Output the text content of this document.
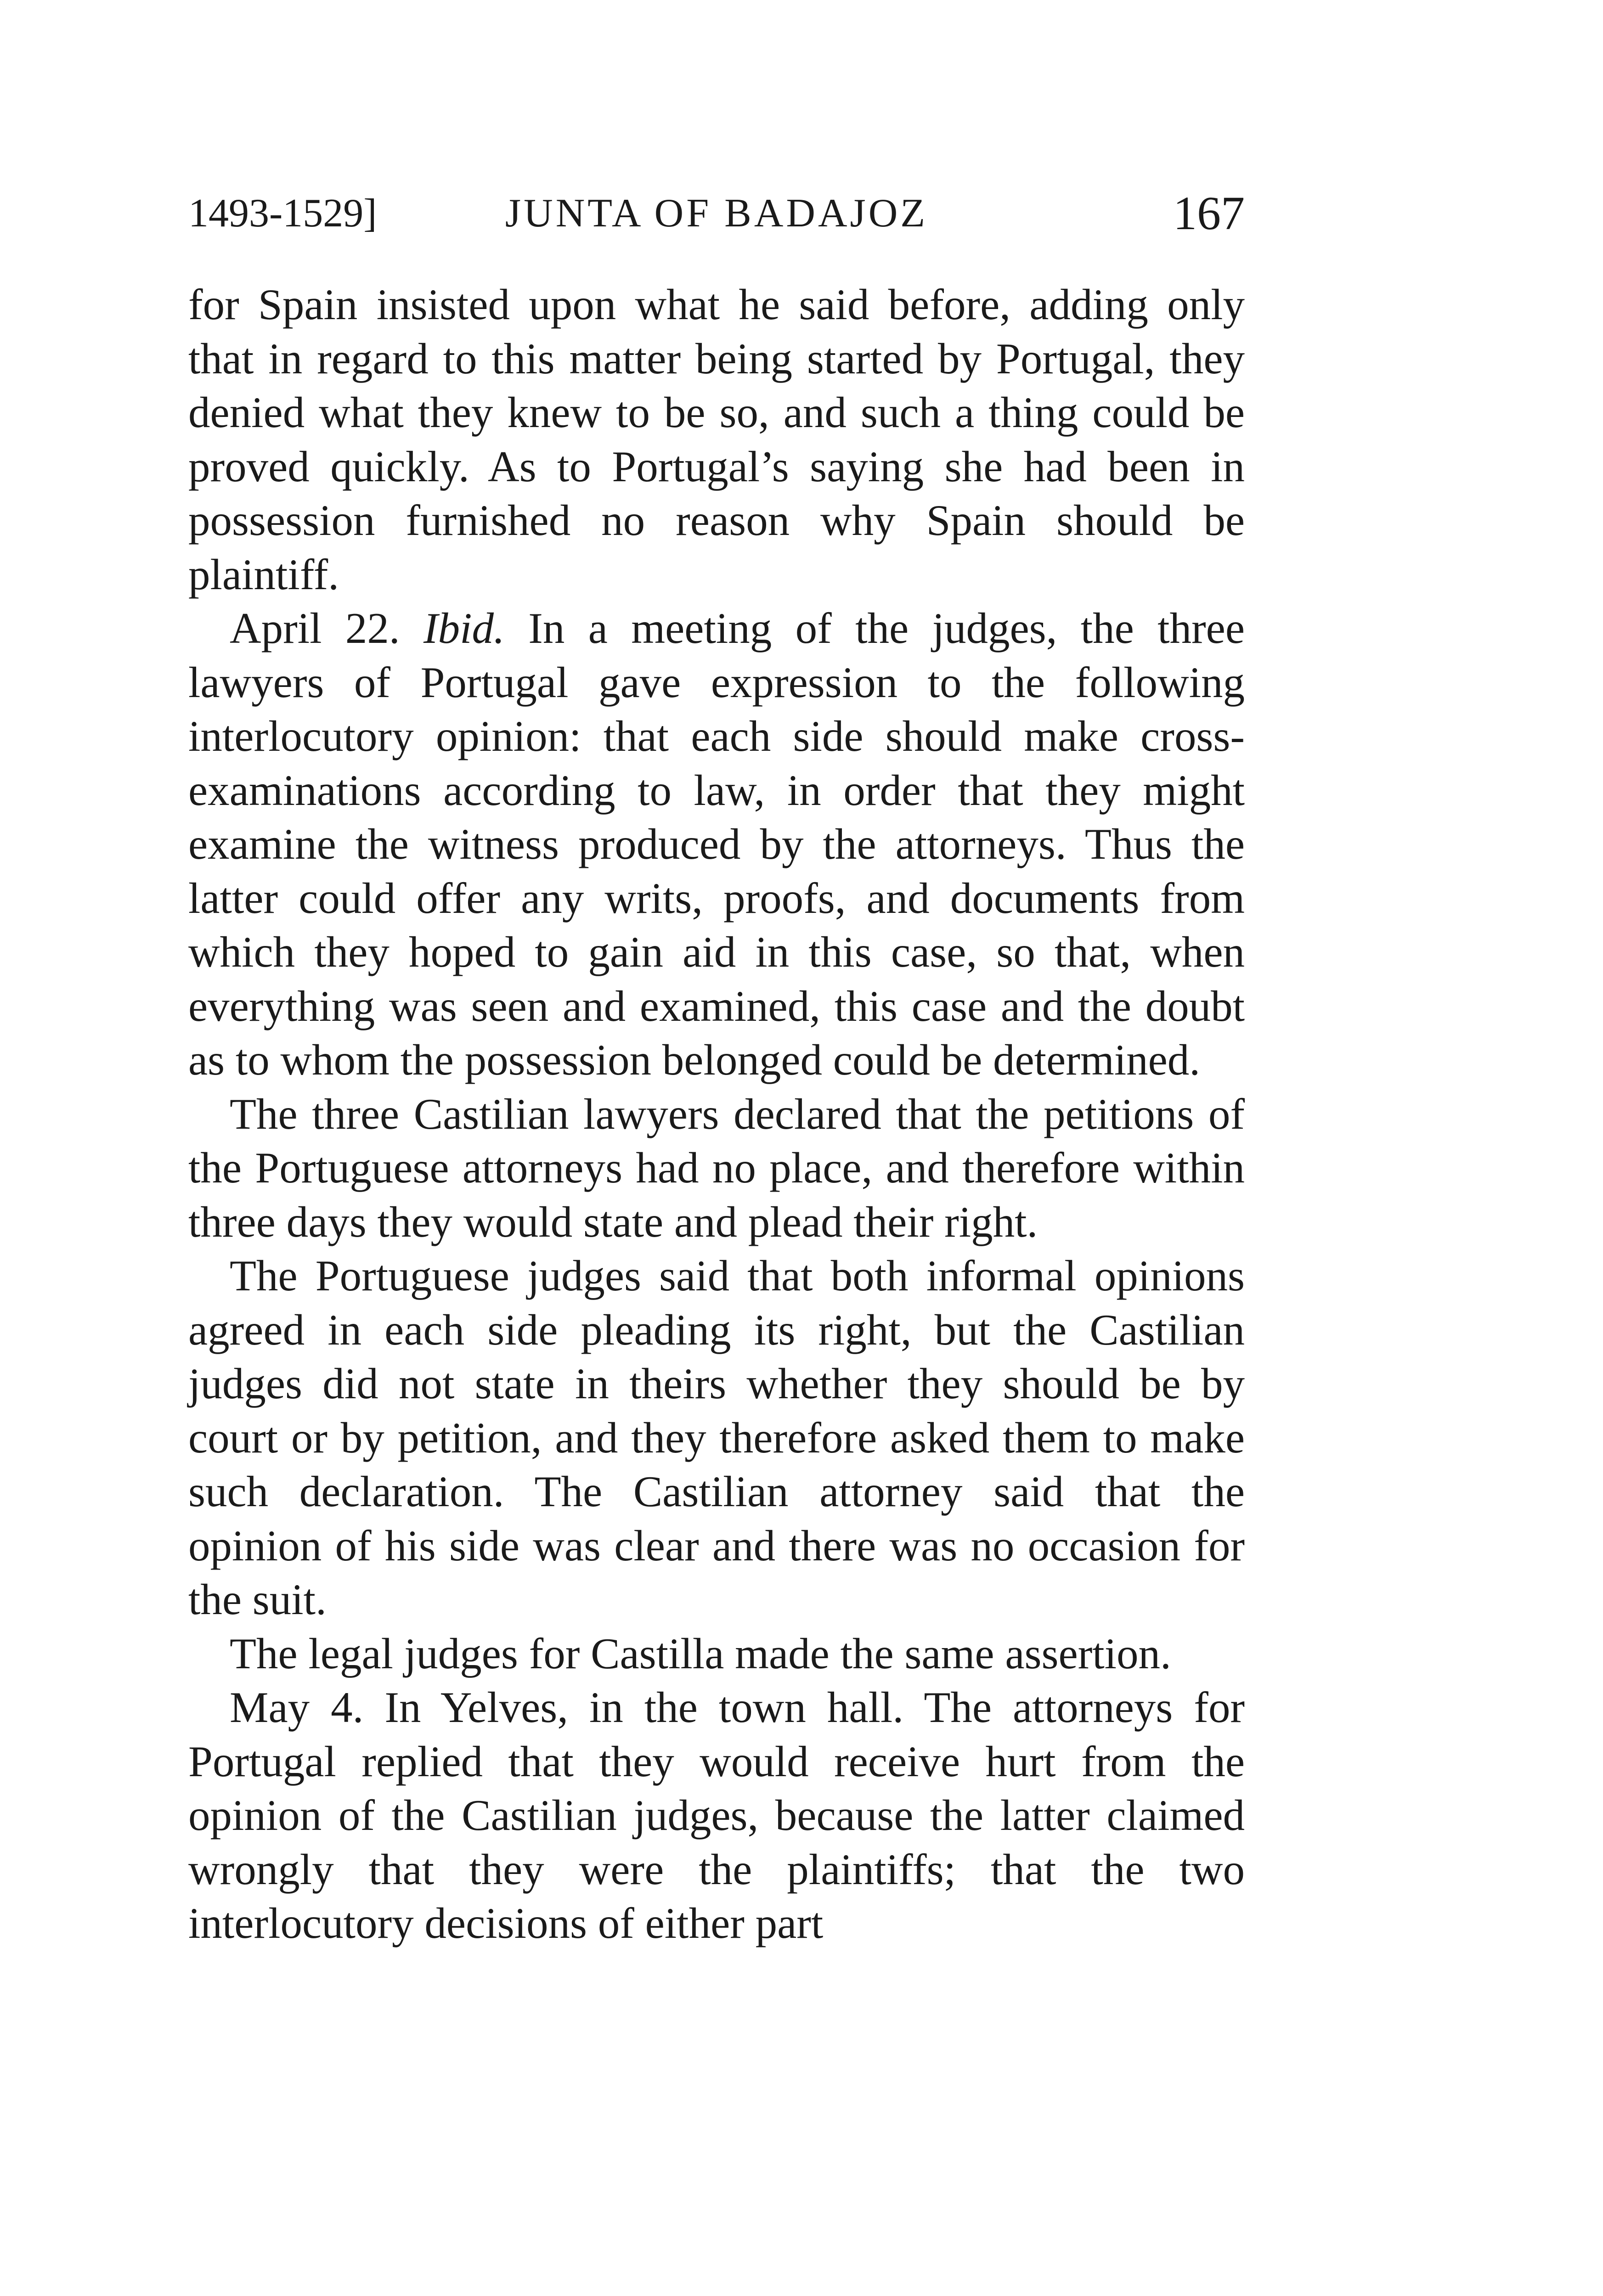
1493-1529]	JUNTA OF BADAJOZ	167

for Spain insisted upon what he said before, adding only that in regard to this matter being started by Portugal, they denied what they knew to be so, and such a thing could be proved quickly. As to Portugal’s saying she had been in possession furnished no reason why Spain should be plaintiff.

April 22. Ibid. In a meeting of the judges, the three lawyers of Portugal gave expression to the following interlocutory opinion: that each side should make cross-examinations according to law, in order that they might examine the witness produced by the attorneys. Thus the latter could offer any writs, proofs, and documents from which they hoped to gain aid in this case, so that, when everything was seen and examined, this case and the doubt as to whom the possession belonged could be determined.

The three Castilian lawyers declared that the petitions of the Portuguese attorneys had no place, and therefore within three days they would state and plead their right.

The Portuguese judges said that both informal opinions agreed in each side pleading its right, but the Castilian judges did not state in theirs whether they should be by court or by petition, and they therefore asked them to make such declaration. The Castilian attorney said that the opinion of his side was clear and there was no occasion for the suit.

The legal judges for Castilla made the same assertion.

May 4. In Yelves, in the town hall. The attorneys for Portugal replied that they would receive hurt from the opinion of the Castilian judges, because the latter claimed wrongly that they were the plaintiffs; that the two interlocutory decisions of either part
